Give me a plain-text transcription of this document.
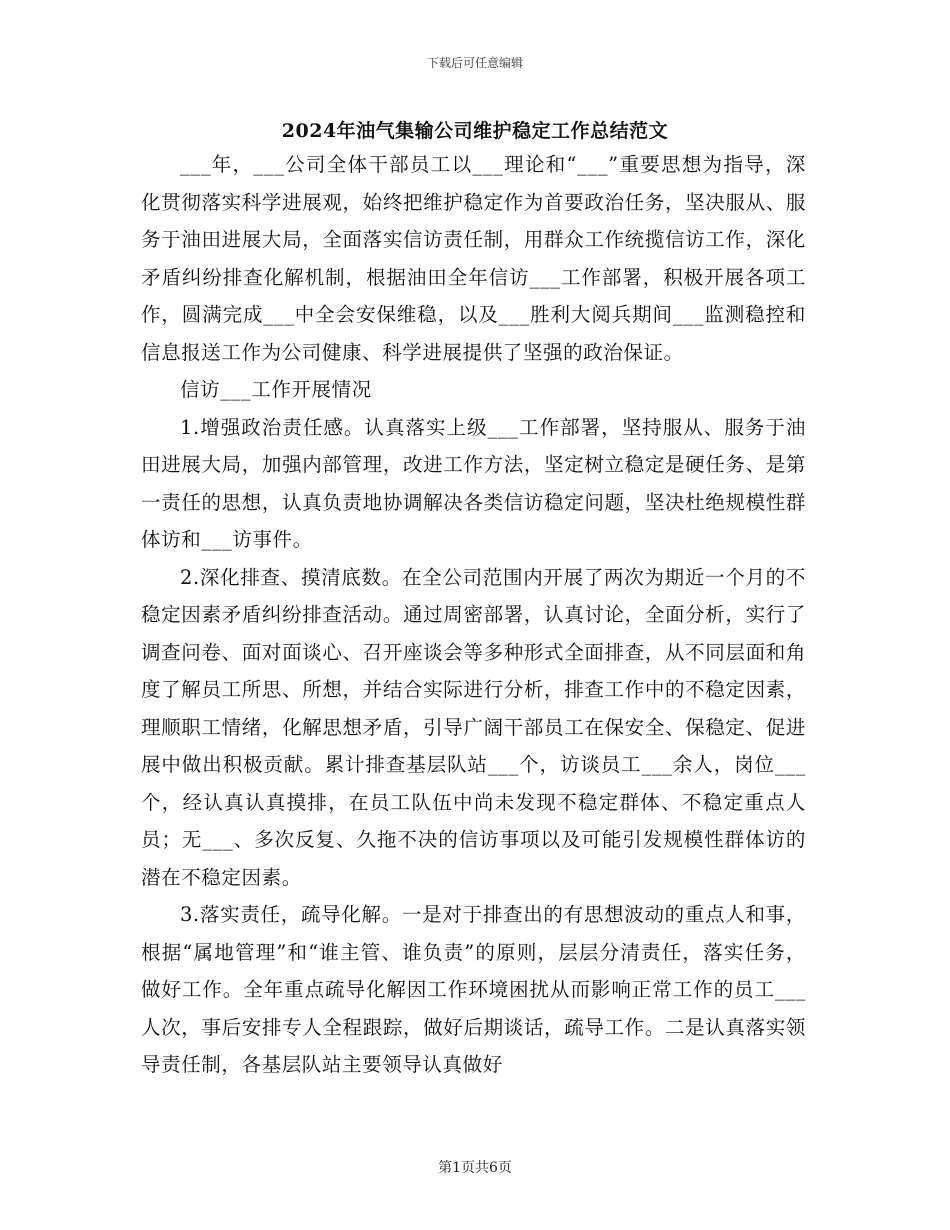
下载后可任意编辑
2024年油气集输公司维护稳定工作总结范文

___年，___公司全体干部员工以___理论和“___”重要思想为指导，深化贯彻落实科学进展观，始终把维护稳定作为首要政治任务，坚决服从、服务于油田进展大局，全面落实信访责任制，用群众工作统揽信访工作，深化矛盾纠纷排查化解机制，根据油田全年信访___工作部署，积极开展各项工作，圆满完成___中全会安保维稳，以及___胜利大阅兵期间___监测稳控和信息报送工作为公司健康、科学进展提供了坚强的政治保证。

信访___工作开展情况

1.增强政治责任感。认真落实上级___工作部署，坚持服从、服务于油田进展大局，加强内部管理，改进工作方法，坚定树立稳定是硬任务、是第一责任的思想，认真负责地协调解决各类信访稳定问题，坚决杜绝规模性群体访和___访事件。

2.深化排查、摸清底数。在全公司范围内开展了两次为期近一个月的不稳定因素矛盾纠纷排查活动。通过周密部署，认真讨论，全面分析，实行了调查问卷、面对面谈心、召开座谈会等多种形式全面排查，从不同层面和角度了解员工所思、所想，并结合实际进行分析，排查工作中的不稳定因素，理顺职工情绪，化解思想矛盾，引导广阔干部员工在保安全、保稳定、促进展中做出积极贡献。累计排查基层队站___个，访谈员工___余人，岗位___个，经认真认真摸排，在员工队伍中尚未发现不稳定群体、不稳定重点人员；无___、多次反复、久拖不决的信访事项以及可能引发规模性群体访的潜在不稳定因素。

3.落实责任，疏导化解。一是对于排查出的有思想波动的重点人和事，根据“属地管理”和“谁主管、谁负责”的原则，层层分清责任，落实任务，做好工作。全年重点疏导化解因工作环境困扰从而影响正常工作的员工___人次，事后安排专人全程跟踪，做好后期谈话，疏导工作。二是认真落实领导责任制，各基层队站主要领导认真做好

第1页共6页
